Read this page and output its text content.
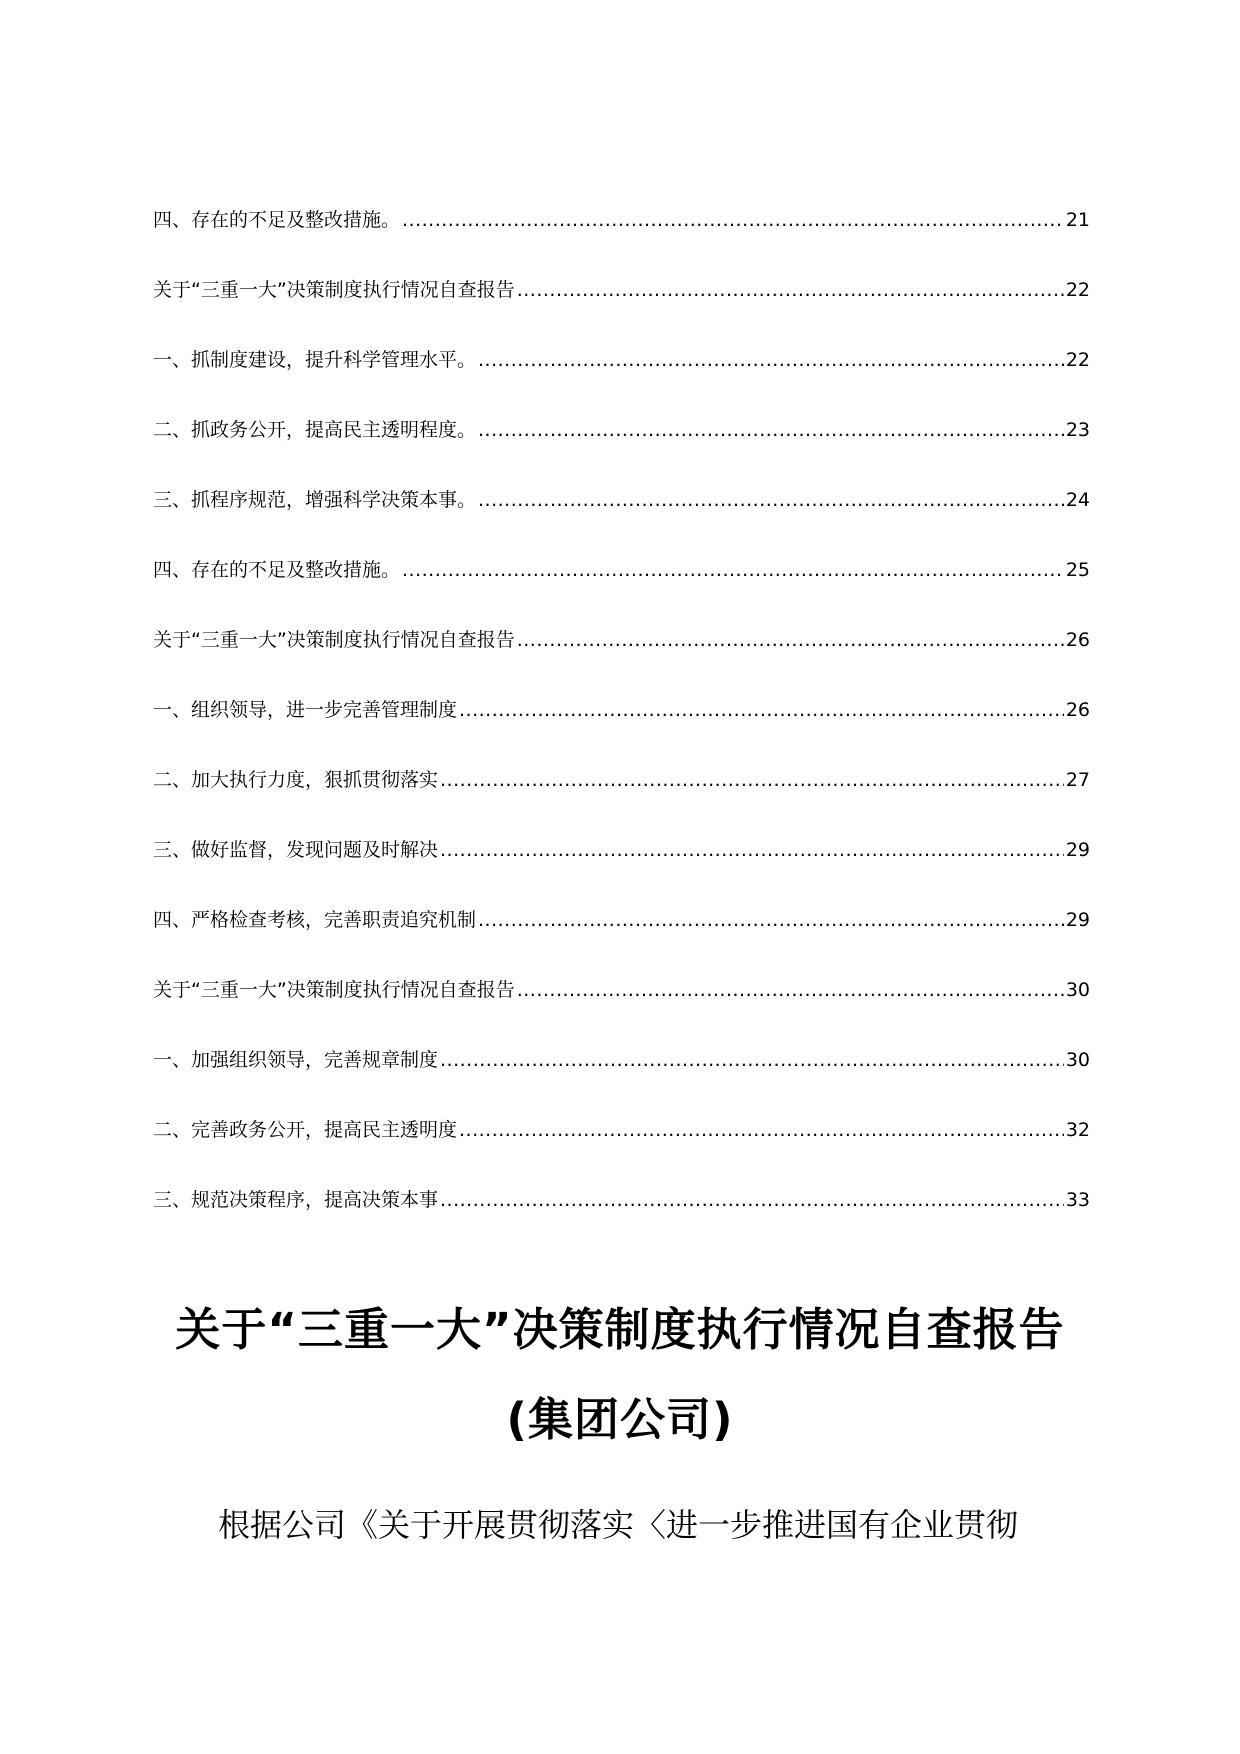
四、存在的不足及整改措施。 .....	21
关于“三重一大”决策制度执行情况自查报告 .....	22
一、抓制度建设，提升科学管理水平。 .....	22
二、抓政务公开，提高民主透明程度。 .....	23
三、抓程序规范，增强科学决策本事。 .....	24
四、存在的不足及整改措施。 .....	25
关于“三重一大”决策制度执行情况自查报告 .....	26
一、组织领导，进一步完善管理制度 .....	26
二、加大执行力度，狠抓贯彻落实 .....	27
三、做好监督，发现问题及时解决 .....	29
四、严格检查考核，完善职责追究机制 .....	29
关于“三重一大”决策制度执行情况自查报告 .....	30
一、加强组织领导，完善规章制度 .....	30
二、完善政务公开，提高民主透明度 .....	32
三、规范决策程序，提高决策本事 .....	33
关于“三重一大”决策制度执行情况自查报告
(集团公司)
根据公司《关于开展贯彻落实〈进一步推进国有企业贯彻
